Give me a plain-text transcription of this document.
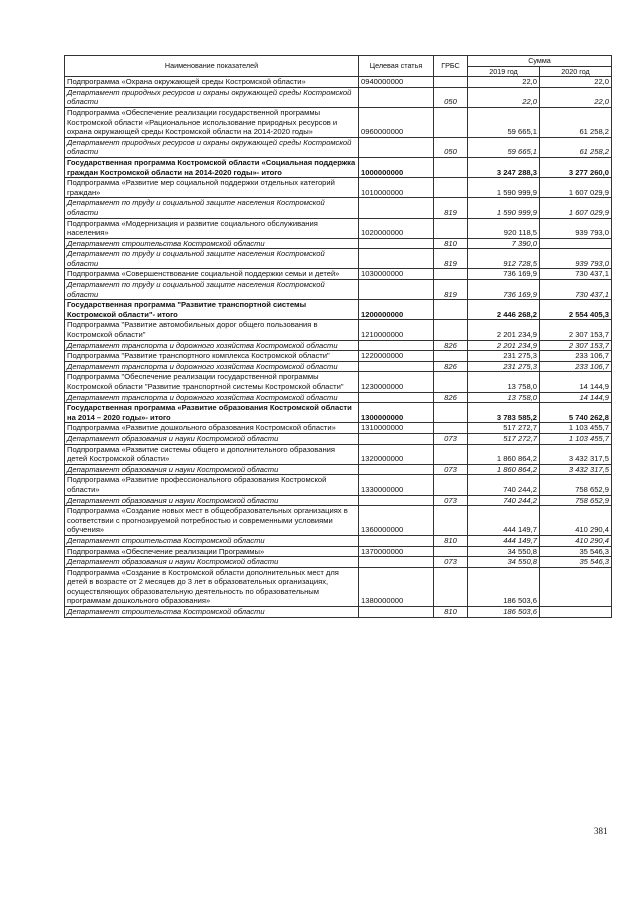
Наименование показателей	Целевая статья	ГРБС	Сумма	
			2019 год	2020 год
Подпрограмма «Охрана окружающей среды Костромской области»	0940000000		22,0	22,0
Департамент природных ресурсов и охраны окружающей среды Костромской области		050	22,0	22,0
Подпрограмма «Обеспечение реализации государственной программы Костромской области «Рациональное использование природных ресурсов и охрана окружающей среды Костромской области на 2014-2020 годы»	0960000000		59 665,1	61 258,2
Департамент природных ресурсов и охраны окружающей среды Костромской области		050	59 665,1	61 258,2
Государственная программа Костромской области «Социальная поддержка граждан Костромской области на 2014-2020 годы»- итого	1000000000		3 247 288,3	3 277 260,0
Подпрограмма «Развитие мер социальной поддержки отдельных категорий граждан»	1010000000		1 590 999,9	1 607 029,9
Департамент по труду и социальной защите населения Костромской области		819	1 590 999,9	1 607 029,9
Подпрограмма «Модернизация и развитие социального обслуживания населения»	1020000000		920 118,5	939 793,0
Департамент строительства Костромской области		810	7 390,0	
Департамент по труду и социальной защите населения Костромской области		819	912 728,5	939 793,0
Подпрограмма «Совершенствование социальной поддержки семьи и детей»	1030000000		736 169,9	730 437,1
Департамент по труду и социальной защите населения Костромской области		819	736 169,9	730 437,1
Государственная программа "Развитие транспортной системы Костромской области"- итого	1200000000		2 446 268,2	2 554 405,3
Подпрограмма "Развитие автомобильных дорог общего пользования в Костромской области"	1210000000		2 201 234,9	2 307 153,7
Департамент транспорта и дорожного хозяйства Костромской области		826	2 201 234,9	2 307 153,7
Подпрограмма "Развитие транспортного комплекса Костромской области"	1220000000		231 275,3	233 106,7
Департамент транспорта и дорожного хозяйства Костромской области		826	231 275,3	233 106,7
Подпрограмма "Обеспечение реализации государственной программы Костромской области "Развитие транспортной системы Костромской области"	1230000000		13 758,0	14 144,9
Департамент транспорта и дорожного хозяйства Костромской области		826	13 758,0	14 144,9
Государственная программа «Развитие образования Костромской области на 2014 – 2020 годы»- итого	1300000000		3 783 585,2	5 740 262,8
Подпрограмма «Развитие дошкольного образования Костромской области»	1310000000		517 272,7	1 103 455,7
Департамент образования и науки Костромской области		073	517 272,7	1 103 455,7
Подпрограмма «Развитие системы общего и дополнительного образования детей Костромской области»	1320000000		1 860 864,2	3 432 317,5
Департамент образования и науки Костромской области		073	1 860 864,2	3 432 317,5
Подпрограмма «Развитие профессионального образования Костромской области»	1330000000		740 244,2	758 652,9
Департамент образования и науки Костромской области		073	740 244,2	758 652,9
Подпрограмма «Создание новых мест в общеобразовательных организациях в соответствии с прогнозируемой потребностью и современными условиями обучения»	1360000000		444 149,7	410 290,4
Департамент строительства Костромской области		810	444 149,7	410 290,4
Подпрограмма «Обеспечение реализации Программы»	1370000000		34 550,8	35 546,3
Департамент образования и науки Костромской области		073	34 550,8	35 546,3
Подпрограмма «Создание в Костромской области дополнительных мест для детей в возрасте от 2 месяцев до 3 лет в образовательных организациях, осуществляющих образовательную деятельность по образовательным программам дошкольного образования»	1380000000		186 503,6	
Департамент строительства Костромской области		810	186 503,6	
381
